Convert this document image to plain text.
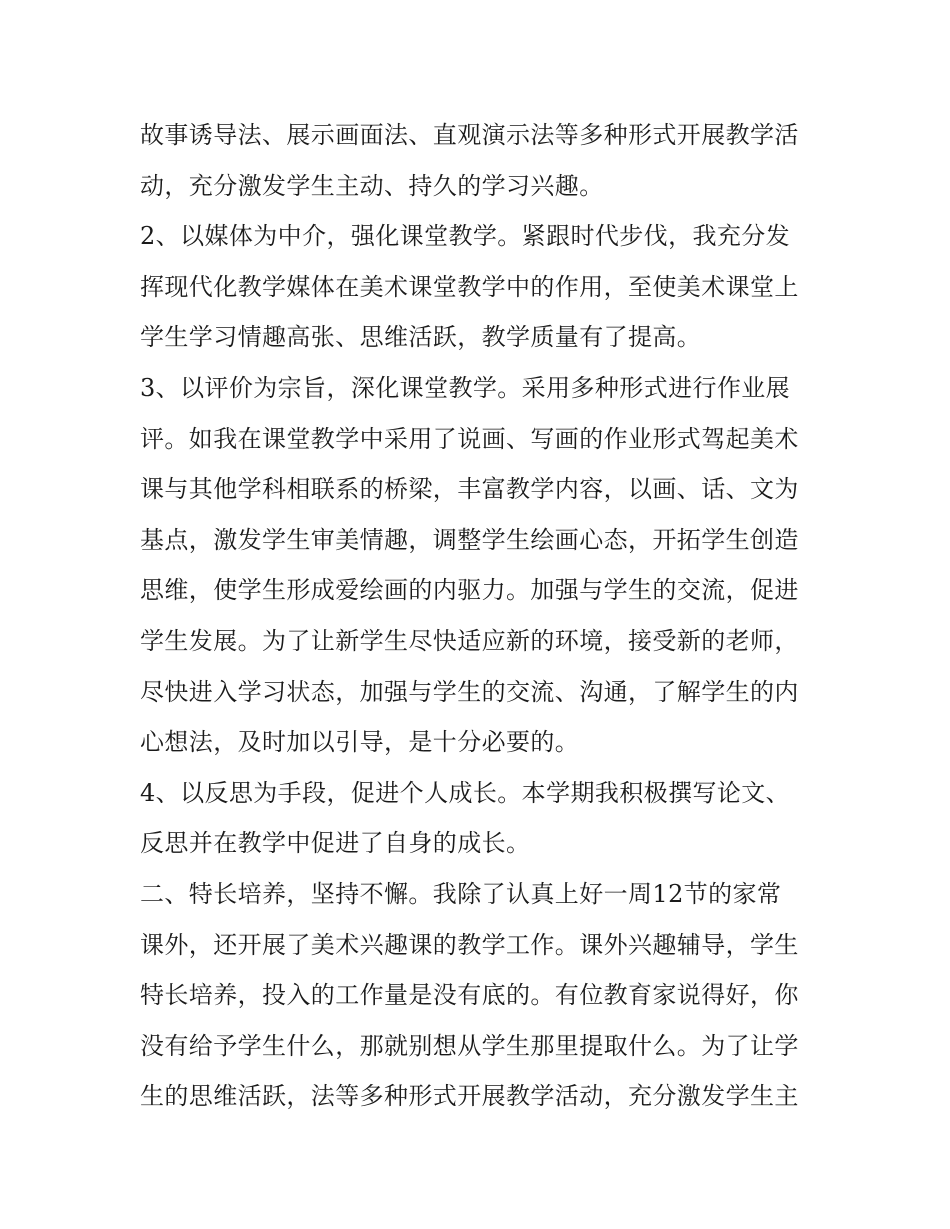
故事诱导法、展示画面法、直观演示法等多种形式开展教学活
动，充分激发学生主动、持久的学习兴趣。
2、以媒体为中介，强化课堂教学。紧跟时代步伐，我充分发
挥现代化教学媒体在美术课堂教学中的作用，至使美术课堂上
学生学习情趣高张、思维活跃，教学质量有了提高。
3、以评价为宗旨，深化课堂教学。采用多种形式进行作业展
评。如我在课堂教学中采用了说画、写画的作业形式驾起美术
课与其他学科相联系的桥梁，丰富教学内容，以画、话、文为
基点，激发学生审美情趣，调整学生绘画心态，开拓学生创造
思维，使学生形成爱绘画的内驱力。加强与学生的交流，促进
学生发展。为了让新学生尽快适应新的环境，接受新的老师，
尽快进入学习状态，加强与学生的交流、沟通，了解学生的内
心想法，及时加以引导，是十分必要的。
4、以反思为手段，促进个人成长。本学期我积极撰写论文、
反思并在教学中促进了自身的成长。
二、特长培养，坚持不懈。我除了认真上好一周12节的家常
课外，还开展了美术兴趣课的教学工作。课外兴趣辅导，学生
特长培养，投入的工作量是没有底的。有位教育家说得好，你
没有给予学生什么，那就别想从学生那里提取什么。为了让学
生的思维活跃，法等多种形式开展教学活动，充分激发学生主
